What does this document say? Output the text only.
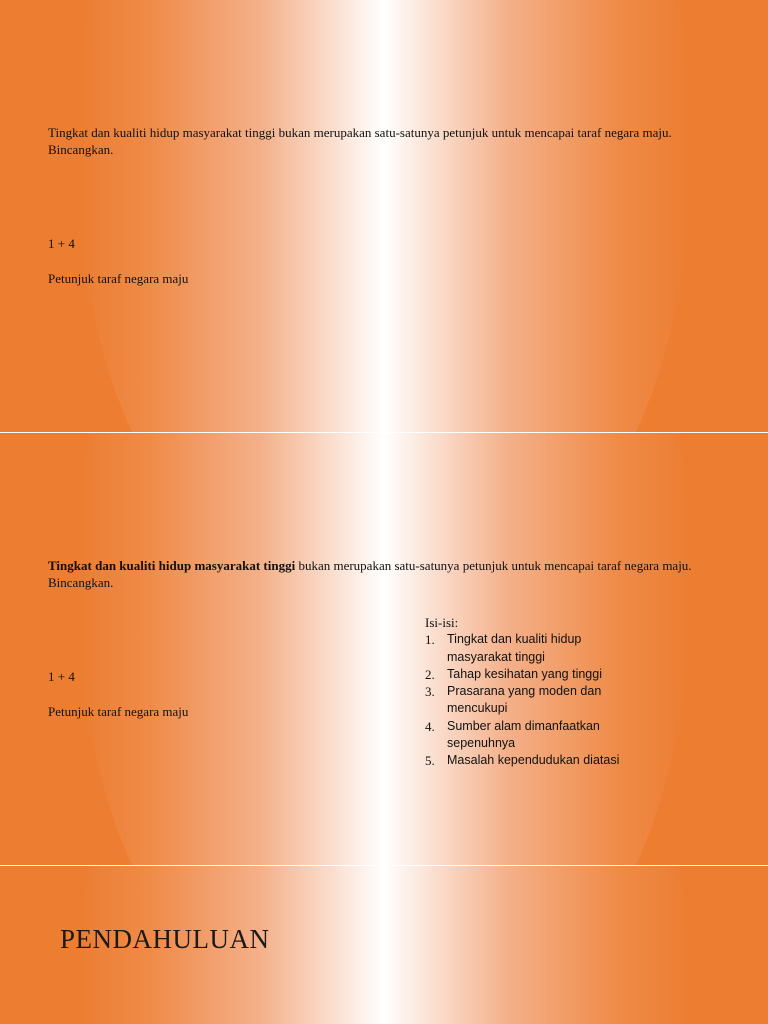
Tingkat dan kualiti hidup masyarakat tinggi bukan merupakan satu-satunya petunjuk untuk mencapai taraf negara maju. Bincangkan.
1 + 4
Petunjuk taraf negara maju
Tingkat dan kualiti hidup masyarakat tinggi bukan merupakan satu-satunya petunjuk untuk mencapai taraf negara maju. Bincangkan.
1 + 4
Petunjuk taraf negara maju
Isi-isi:
1. Tingkat dan kualiti hidup masyarakat tinggi
2. Tahap kesihatan yang tinggi
3. Prasarana yang moden dan mencukupi
4. Sumber alam dimanfaatkan sepenuhnya
5. Masalah kependudukan diatasi
PENDAHULUAN
